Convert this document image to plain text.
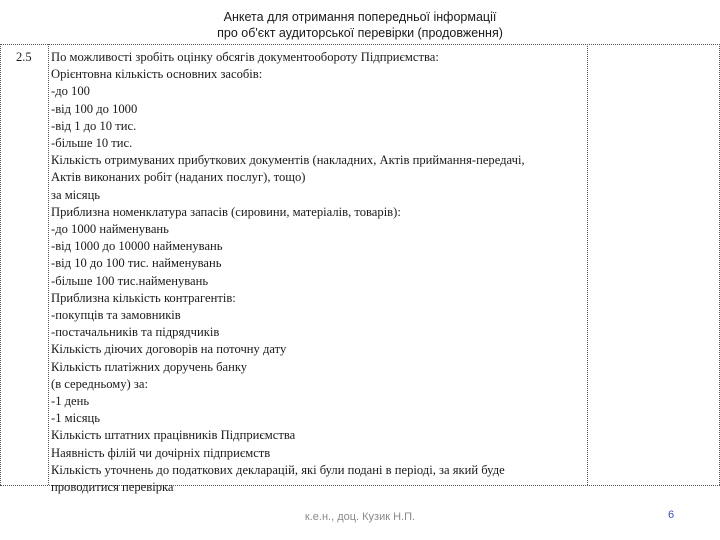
Анкета для отримання попередньої інформації
про об'єкт аудиторської перевірки (продовження)
2.5 По можливості зробіть оцінку обсягів документообороту Підприємства:
Орієнтовна кількість основних засобів:
-до 100
-від 100 до 1000
-від 1 до 10 тис.
-більше 10 тис.
Кількість отримуваних прибуткових документів (накладних, Актів приймання-передачі,
Актів виконаних робіт (наданих послуг), тощо)
за місяць
Приблизна номенклатура запасів (сировини, матеріалів, товарів):
-до 1000 найменувань
-від 1000 до 10000 найменувань
-від 10 до 100 тис. найменувань
-більше 100 тис.найменувань
Приблизна кількість контрагентів:
-покупців та замовників
-постачальників та підрядчиків
Кількість діючих договорів на поточну дату
Кількість платіжних доручень банку
(в середньому) за:
-1 день
-1 місяць
Кількість штатних працівників Підприємства
Наявність філій чи дочірніх підприємств
Кількість уточнень до податкових декларацій, які були подані в періоді, за який буде
проводитися перевірка
к.е.н., доц. Кузик Н.П.	6
